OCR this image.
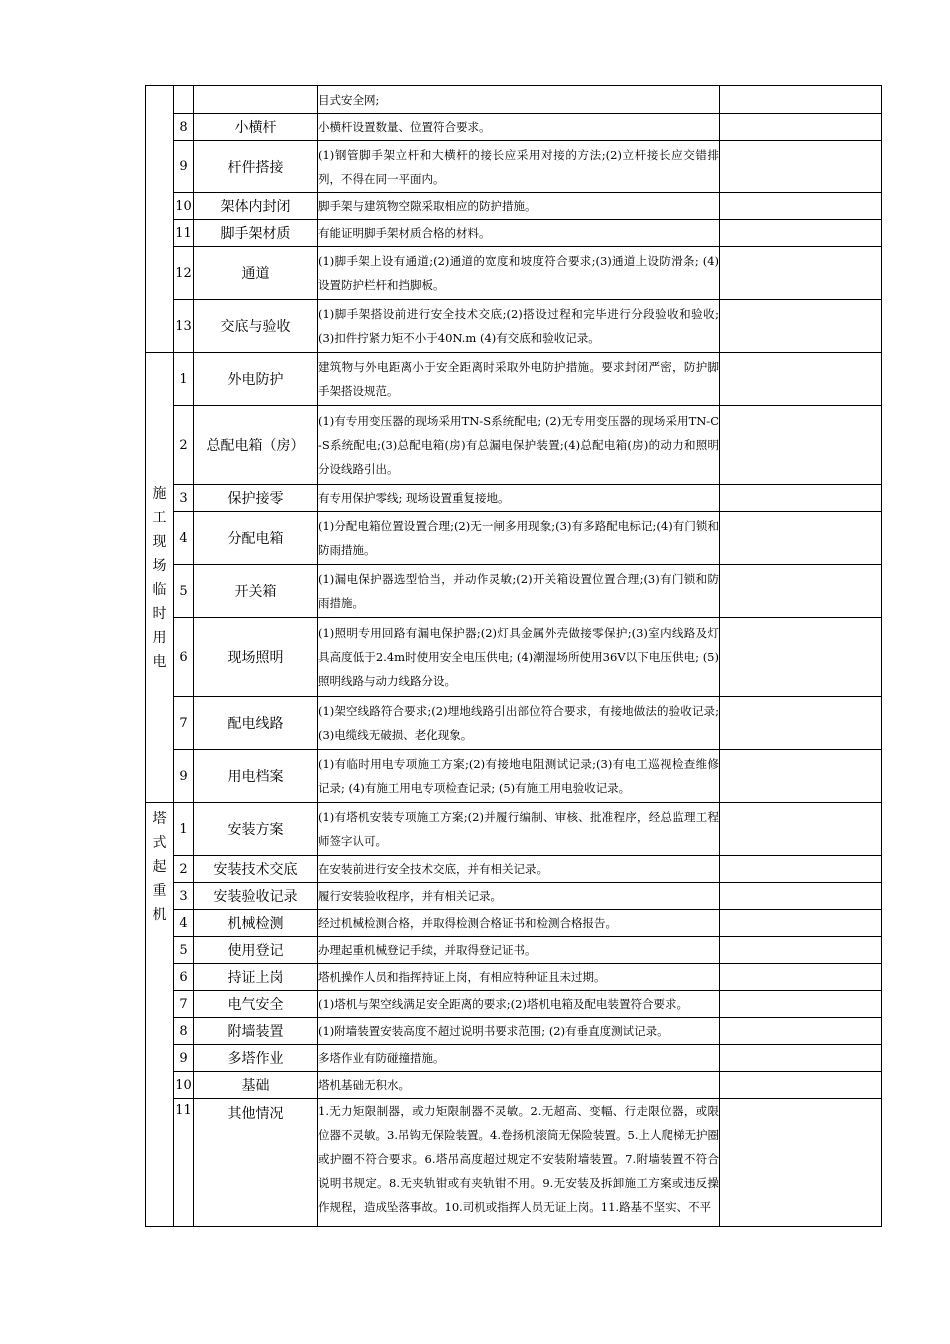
			目式安全网;	
	8	小横杆	小横杆设置数量、位置符合要求。	
	9	杆件搭接	(1)钢管脚手架立杆和大横杆的接长应采用对接的方法;(2)立杆接长应交错排列，不得在同一平面内。	
	10	架体内封闭	脚手架与建筑物空隙采取相应的防护措施。	
	11	脚手架材质	有能证明脚手架材质合格的材料。	
	12	通道	(1)脚手架上设有通道;(2)通道的宽度和坡度符合要求;(3)通道上设防滑条; (4)设置防护栏杆和挡脚板。	
	13	交底与验收	(1)脚手架搭设前进行安全技术交底;(2)搭设过程和完毕进行分段验收和验收; (3)扣件拧紧力矩不小于40N.m (4)有交底和验收记录。	
施工现场临时用电	1	外电防护	建筑物与外电距离小于安全距离时采取外电防护措施。要求封闭严密，防护脚手架搭设规范。	
	2	总配电箱（房）	(1)有专用变压器的现场采用TN-S系统配电; (2)无专用变压器的现场采用TN-C-S系统配电;(3)总配电箱(房)有总漏电保护装置;(4)总配电箱(房)的动力和照明分设线路引出。	
	3	保护接零	有专用保护零线; 现场设置重复接地。	
	4	分配电箱	(1)分配电箱位置设置合理;(2)无一闸多用现象;(3)有多路配电标记;(4)有门锁和防雨措施。	
	5	开关箱	(1)漏电保护器选型恰当，并动作灵敏;(2)开关箱设置位置合理;(3)有门锁和防雨措施。	
	6	现场照明	(1)照明专用回路有漏电保护器;(2)灯具金属外壳做接零保护;(3)室内线路及灯具高度低于2.4m时使用安全电压供电; (4)潮湿场所使用36V以下电压供电; (5)照明线路与动力线路分设。	
	7	配电线路	(1)架空线路符合要求;(2)埋地线路引出部位符合要求，有接地做法的验收记录; (3)电缆线无破损、老化现象。	
	9	用电档案	(1)有临时用电专项施工方案;(2)有接地电阻测试记录;(3)有电工巡视检查维修记录; (4)有施工用电专项检查记录; (5)有施工用电验收记录。	
塔式起重机	1	安装方案	(1)有塔机安装专项施工方案;(2)并履行编制、审核、批准程序，经总监理工程师签字认可。	
	2	安装技术交底	在安装前进行安全技术交底，并有相关记录。	
	3	安装验收记录	履行安装验收程序，并有相关记录。	
	4	机械检测	经过机械检测合格，并取得检测合格证书和检测合格报告。	
	5	使用登记	办理起重机械登记手续，并取得登记证书。	
	6	持证上岗	塔机操作人员和指挥持证上岗，有相应特种证且未过期。	
	7	电气安全	(1)塔机与架空线满足安全距离的要求;(2)塔机电箱及配电装置符合要求。	
	8	附墙装置	(1)附墙装置安装高度不超过说明书要求范围; (2)有垂直度测试记录。	
	9	多塔作业	多塔作业有防碰撞措施。	
	10	基础	塔机基础无积水。	
	11	其他情况	1.无力矩限制器，或力矩限制器不灵敏。2.无超高、变幅、行走限位器，或限位器不灵敏。3.吊钩无保险装置。4.卷扬机滚筒无保险装置。5.上人爬梯无护圈或护圈不符合要求。6.塔吊高度超过规定不安装附墙装置。7.附墙装置不符合说明书规定。8.无夹轨钳或有夹轨钳不用。9.无安装及拆卸施工方案或违反操作规程，造成坠落事故。10.司机或指挥人员无证上岗。11.路基不坚实、不平	
